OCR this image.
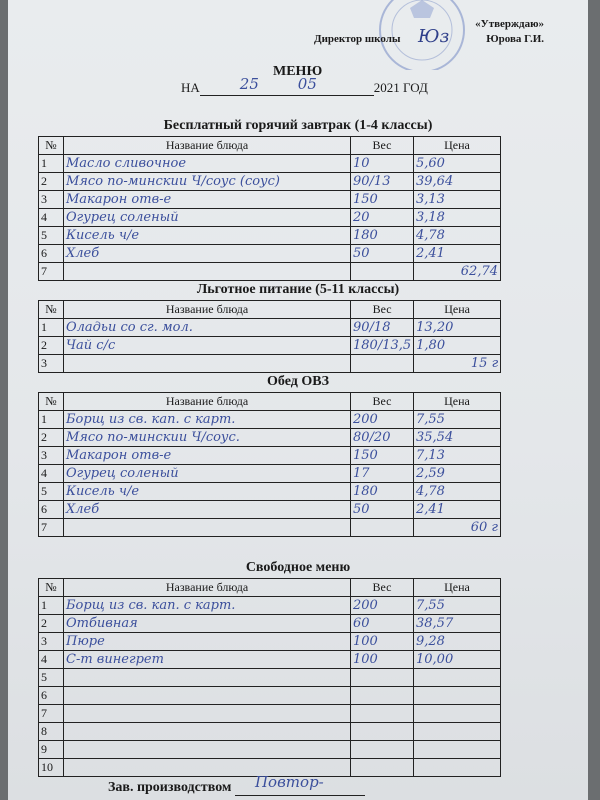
«Утверждаю»
Директор школы Юз	Юрова Г.И.
МЕНЮ
НА	25	05	2021 ГОД
Бесплатный горячий завтрак (1-4 классы)
№	Название блюда	Вес	Цена
1	Масло сливочное	10	5,60
2	Мясо по-минскии Ч/соус (соус)	90/13	39,64
3	Макарон отв-е	150	3,13
4	Огурец соленый	20	3,18
5	Кисель ч/е	180	4,78
6	Хлеб	50	2,41
7			62,74
Льготное питание (5-11 классы)
№	Название блюда	Вес	Цена
1	Оладьи со сг. мол.	90/18	13,20
2	Чай с/с	180/13,5	1,80
3			15 г
Обед ОВЗ
№	Название блюда	Вес	Цена
1	Борщ из св. кап. с карт.	200	7,55
2	Мясо по-минскии Ч/соус.	80/20	35,54
3	Макарон отв-е	150	7,13
4	Огурец соленый	17	2,59
5	Кисель ч/е	180	4,78
6	Хлеб	50	2,41
7			60 г
Свободное меню
№	Название блюда	Вес	Цена
1	Борщ из св. кап. с карт.	200	7,55
2	Отбивная	60	38,57
3	Пюре	100	9,28
4	С-т винегрет	100	10,00
5			
6			
7			
8			
9			
10			
Зав. производством Повтор-
